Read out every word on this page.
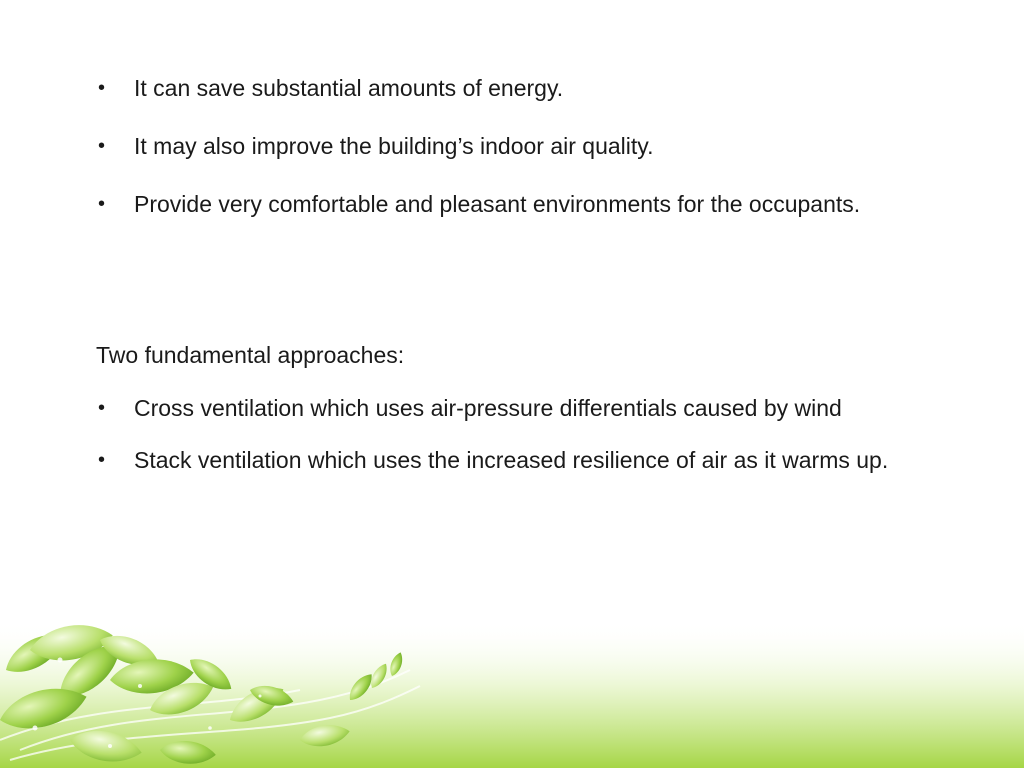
• It can save substantial amounts of energy.
• It may also improve the building’s indoor air quality.
• Provide very comfortable and pleasant environments for the occupants.
Two fundamental approaches:
• Cross ventilation which uses air-pressure differentials caused by wind
• Stack ventilation which uses the increased resilience of air as it warms up.
